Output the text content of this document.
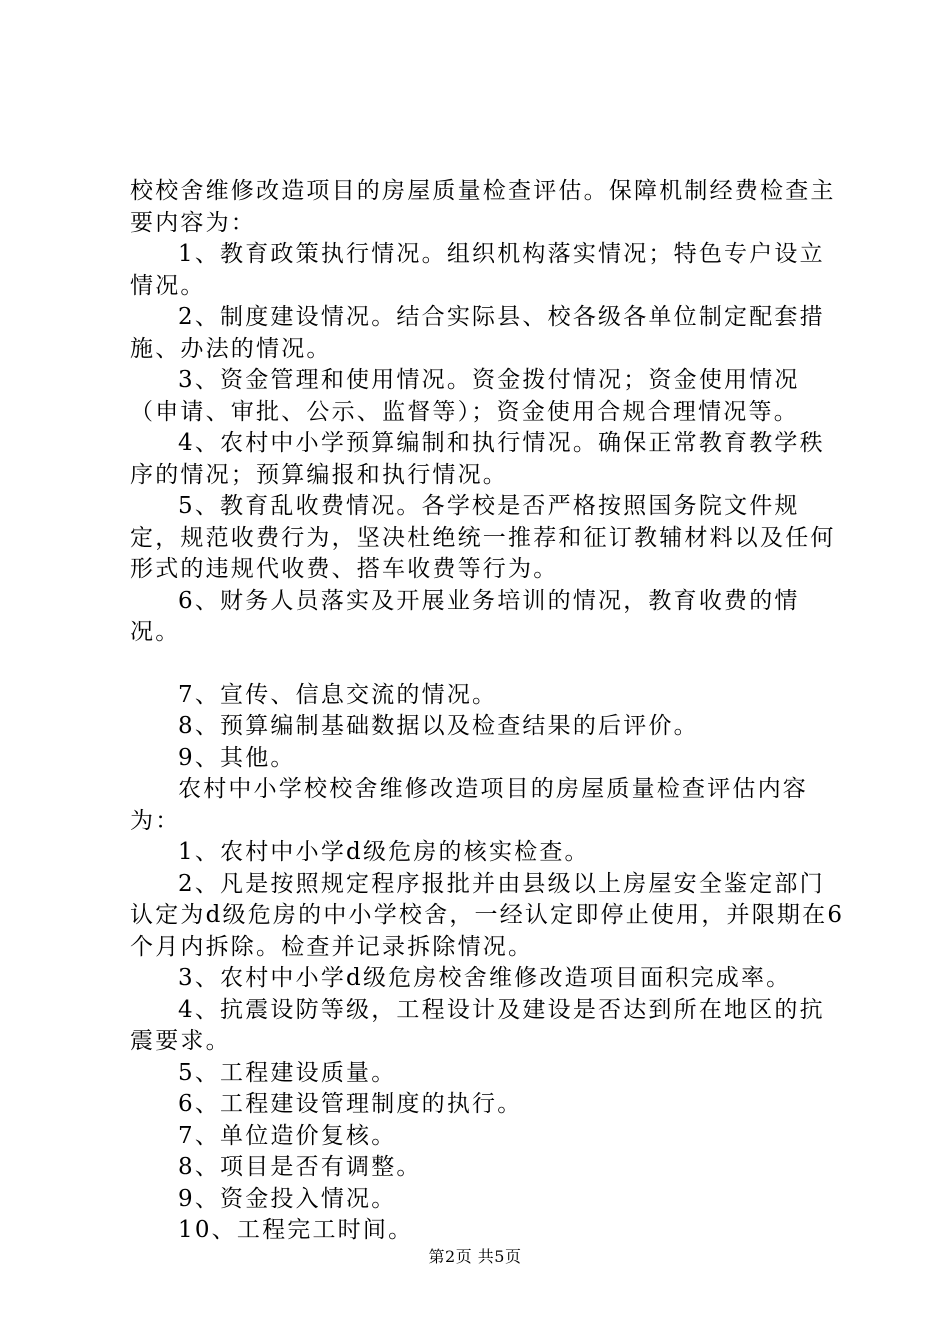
校校舍维修改造项目的房屋质量检查评估。保障机制经费检查主要内容为：

1、教育政策执行情况。组织机构落实情况；特色专户设立情况。

2、制度建设情况。结合实际县、校各级各单位制定配套措施、办法的情况。

3、资金管理和使用情况。资金拨付情况；资金使用情况（申请、审批、公示、监督等）；资金使用合规合理情况等。

4、农村中小学预算编制和执行情况。确保正常教育教学秩序的情况；预算编报和执行情况。

5、教育乱收费情况。各学校是否严格按照国务院文件规定，规范收费行为，坚决杜绝统一推荐和征订教辅材料以及任何形式的违规代收费、搭车收费等行为。

6、财务人员落实及开展业务培训的情况，教育收费的情况。

7、宣传、信息交流的情况。

8、预算编制基础数据以及检查结果的后评价。

9、其他。

农村中小学校校舍维修改造项目的房屋质量检查评估内容为：

1、农村中小学d级危房的核实检查。

2、凡是按照规定程序报批并由县级以上房屋安全鉴定部门认定为d级危房的中小学校舍，一经认定即停止使用，并限期在6个月内拆除。检查并记录拆除情况。

3、农村中小学d级危房校舍维修改造项目面积完成率。

4、抗震设防等级，工程设计及建设是否达到所在地区的抗震要求。

5、工程建设质量。

6、工程建设管理制度的执行。

7、单位造价复核。

8、项目是否有调整。

9、资金投入情况。

10、工程完工时间。

第2页 共5页
